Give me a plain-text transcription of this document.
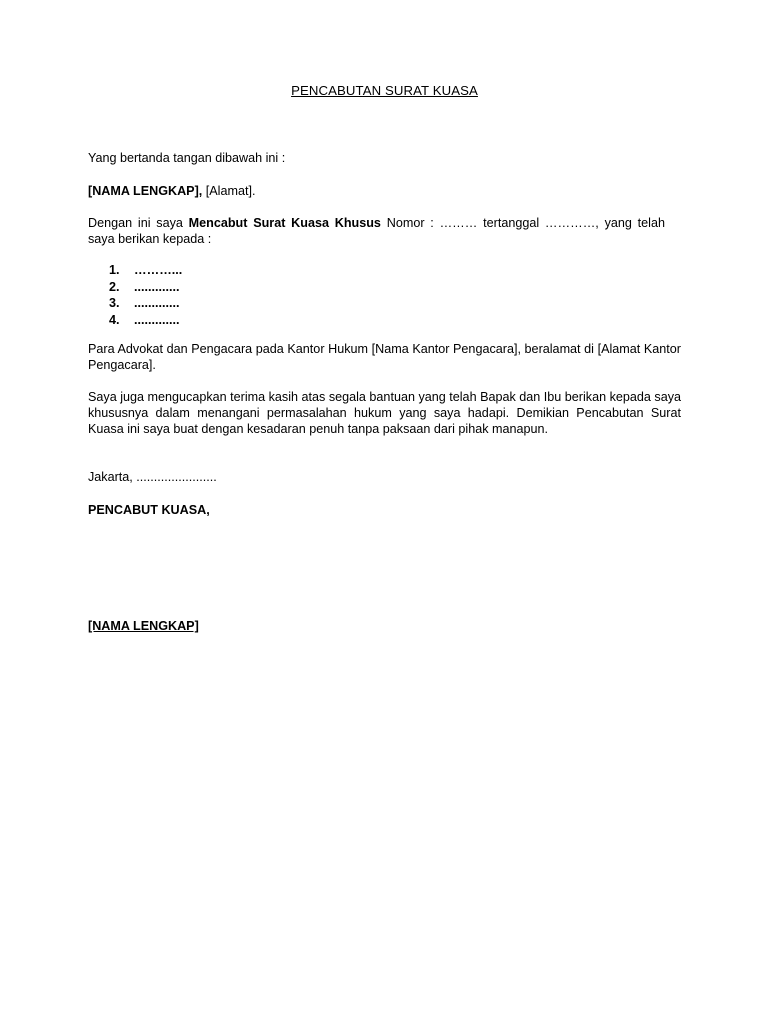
PENCABUTAN SURAT KUASA

Yang bertanda tangan dibawah ini :

[NAMA LENGKAP], [Alamat].

Dengan ini saya Mencabut Surat Kuasa Khusus Nomor : ……… tertanggal …………, yang telah saya berikan kepada :

1. ………...
2. .............
3. .............
4. .............

Para Advokat dan Pengacara pada Kantor Hukum [Nama Kantor Pengacara], beralamat di [Alamat Kantor Pengacara].

Saya juga mengucapkan terima kasih atas segala bantuan yang telah Bapak dan Ibu berikan kepada saya khususnya dalam menangani permasalahan hukum yang saya hadapi. Demikian Pencabutan Surat Kuasa ini saya buat dengan kesadaran penuh tanpa paksaan dari pihak manapun.

Jakarta, .......................

PENCABUT KUASA,

[NAMA LENGKAP]
